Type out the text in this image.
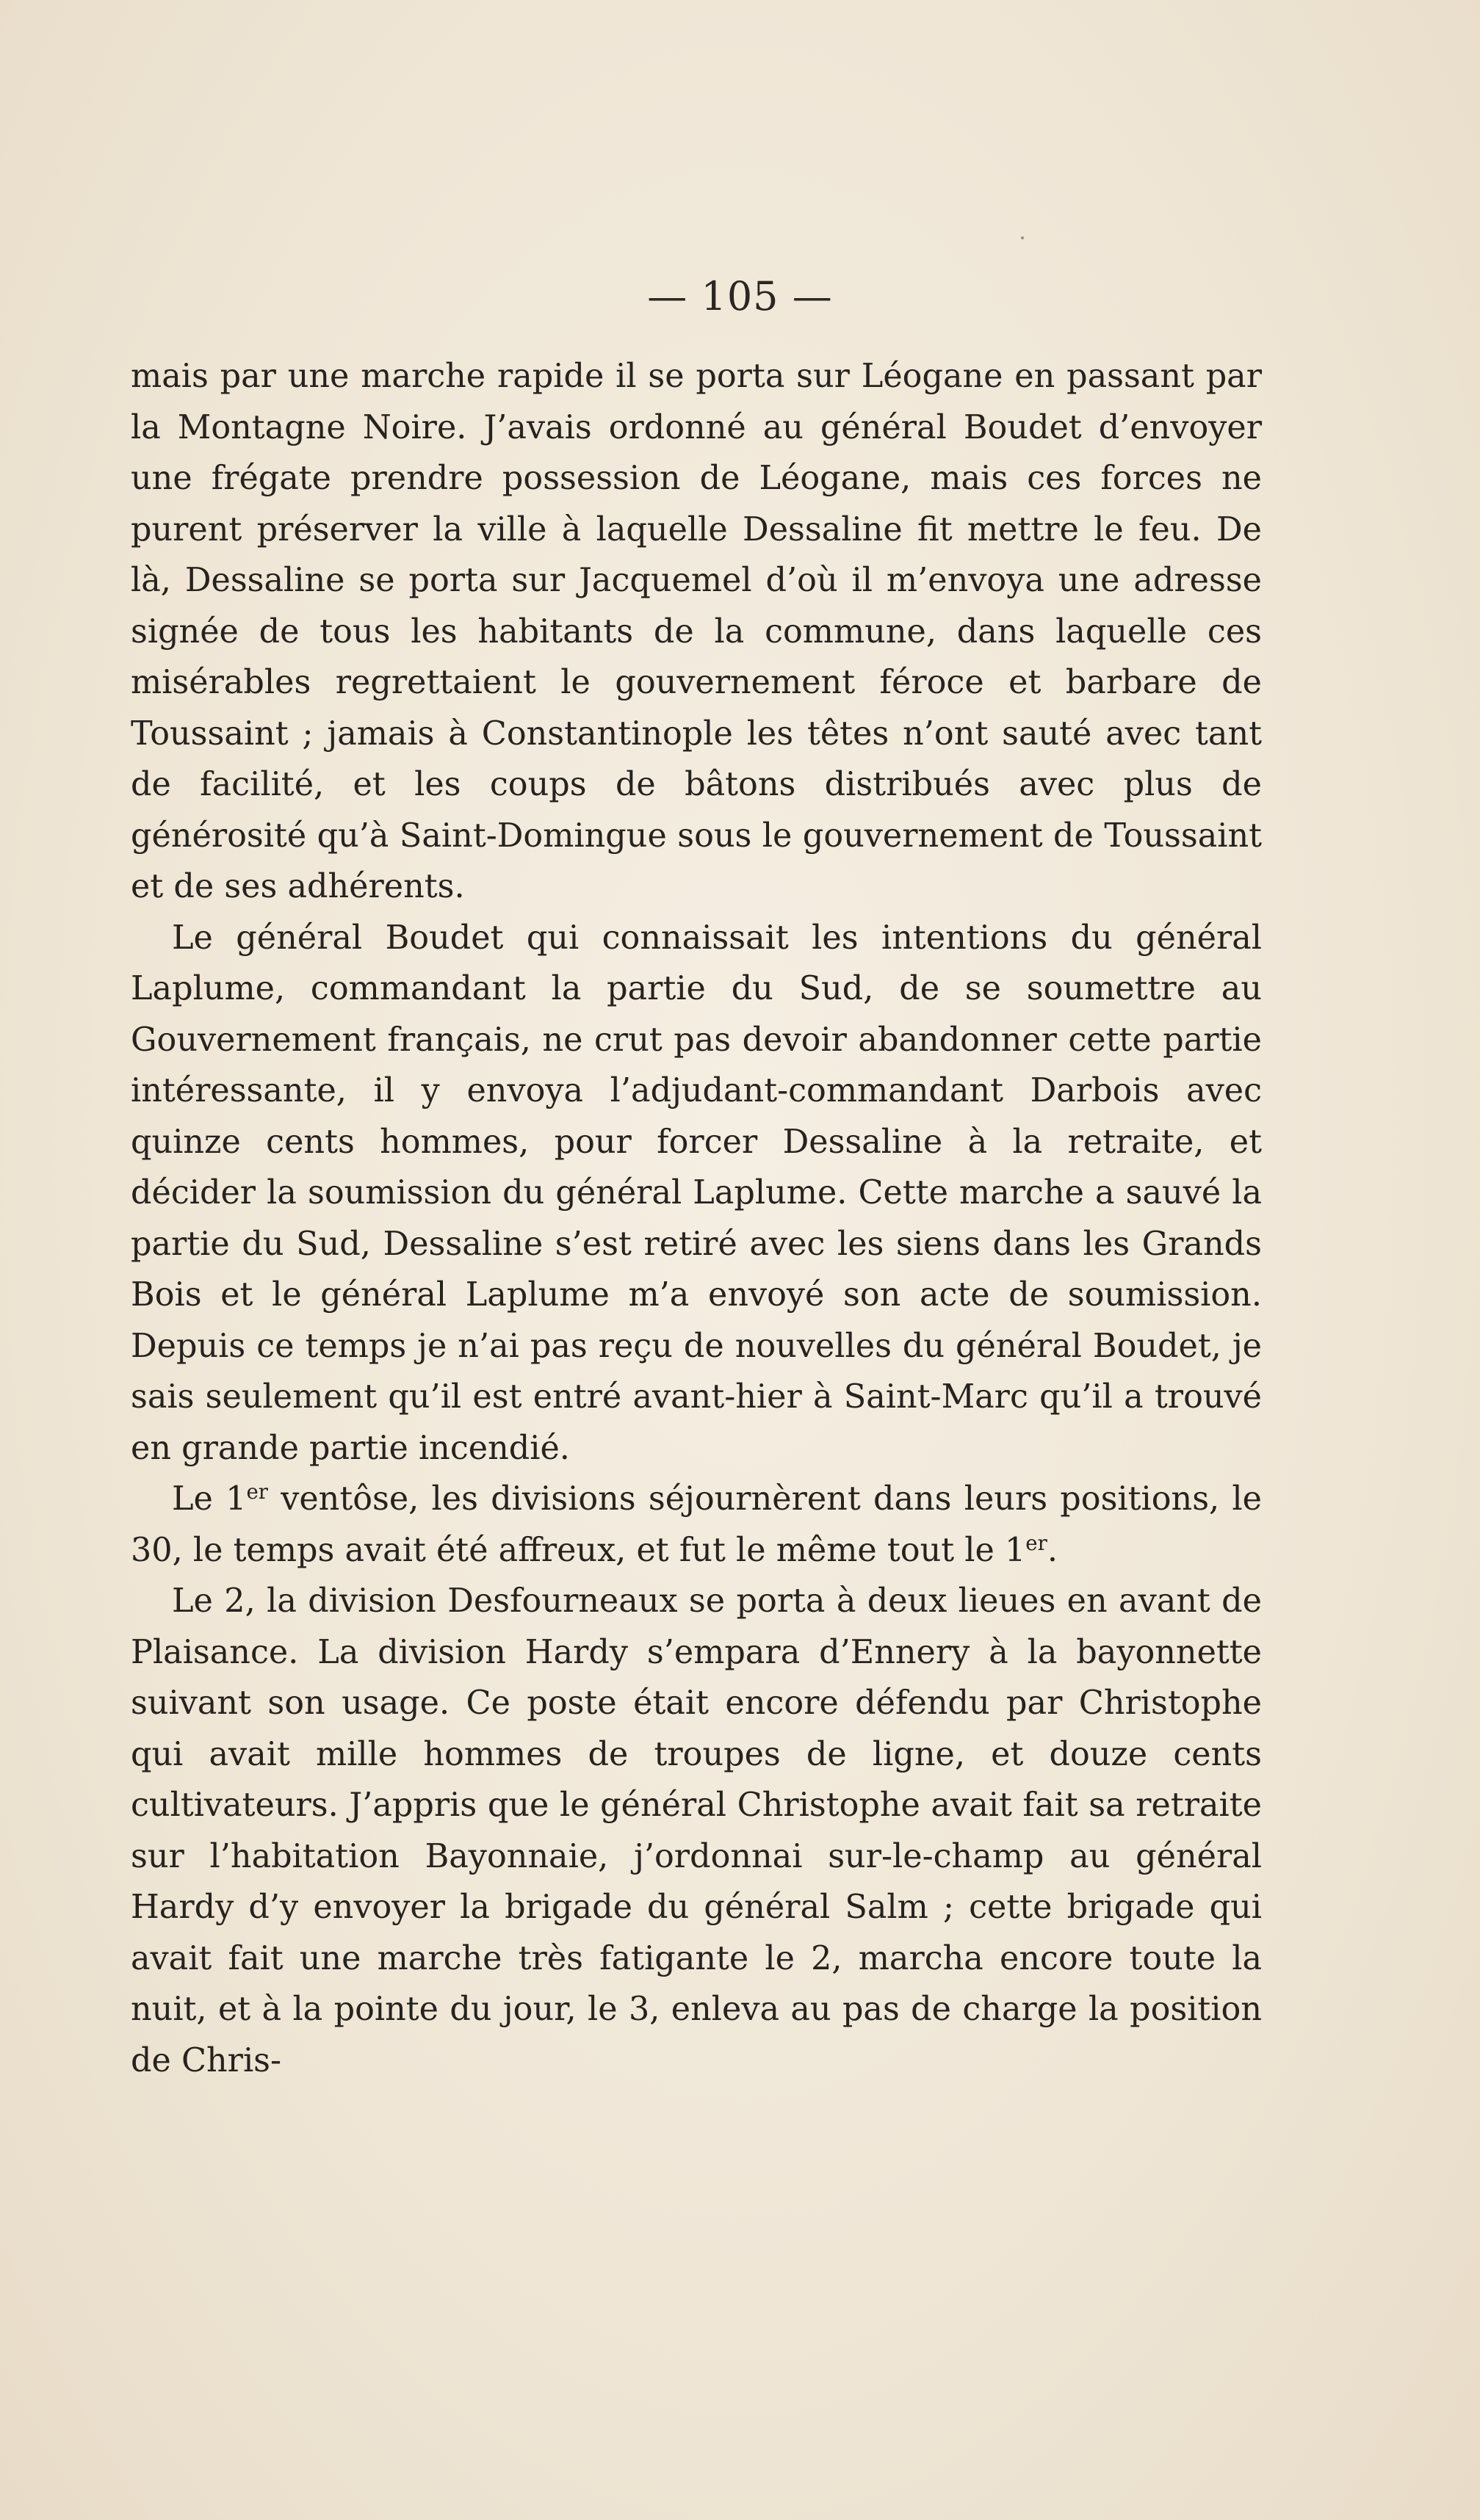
— 105 —

mais par une marche rapide il se porta sur Léogane en passant par la Montagne Noire. J’avais ordonné au général Boudet d’envoyer une frégate prendre possession de Léogane, mais ces forces ne purent préserver la ville à laquelle Dessaline fit mettre le feu. De là, Dessaline se porta sur Jacquemel d’où il m’envoya une adresse signée de tous les habitants de la commune, dans laquelle ces misérables regrettaient le gouvernement féroce et barbare de Toussaint ; jamais à Constantinople les têtes n’ont sauté avec tant de facilité, et les coups de bâtons distribués avec plus de générosité qu’à Saint-Domingue sous le gouvernement de Toussaint et de ses adhérents.

Le général Boudet qui connaissait les intentions du général Laplume, commandant la partie du Sud, de se soumettre au Gouvernement français, ne crut pas devoir abandonner cette partie intéressante, il y envoya l’adjudant-commandant Darbois avec quinze cents hommes, pour forcer Dessaline à la retraite, et décider la soumission du général Laplume. Cette marche a sauvé la partie du Sud, Dessaline s’est retiré avec les siens dans les Grands Bois et le général Laplume m’a envoyé son acte de soumission. Depuis ce temps je n’ai pas reçu de nouvelles du général Boudet, je sais seulement qu’il est entré avant-hier à Saint-Marc qu’il a trouvé en grande partie incendié.

Le 1er ventôse, les divisions séjournèrent dans leurs positions, le 30, le temps avait été affreux, et fut le même tout le 1er.

Le 2, la division Desfourneaux se porta à deux lieues en avant de Plaisance. La division Hardy s’empara d’Ennery à la bayonnette suivant son usage. Ce poste était encore défendu par Christophe qui avait mille hommes de troupes de ligne, et douze cents cultivateurs. J’appris que le général Christophe avait fait sa retraite sur l’habitation Bayonnaie, j’ordonnai sur-le-champ au général Hardy d’y envoyer la brigade du général Salm ; cette brigade qui avait fait une marche très fatigante le 2, marcha encore toute la nuit, et à la pointe du jour, le 3, enleva au pas de charge la position de Chris-
